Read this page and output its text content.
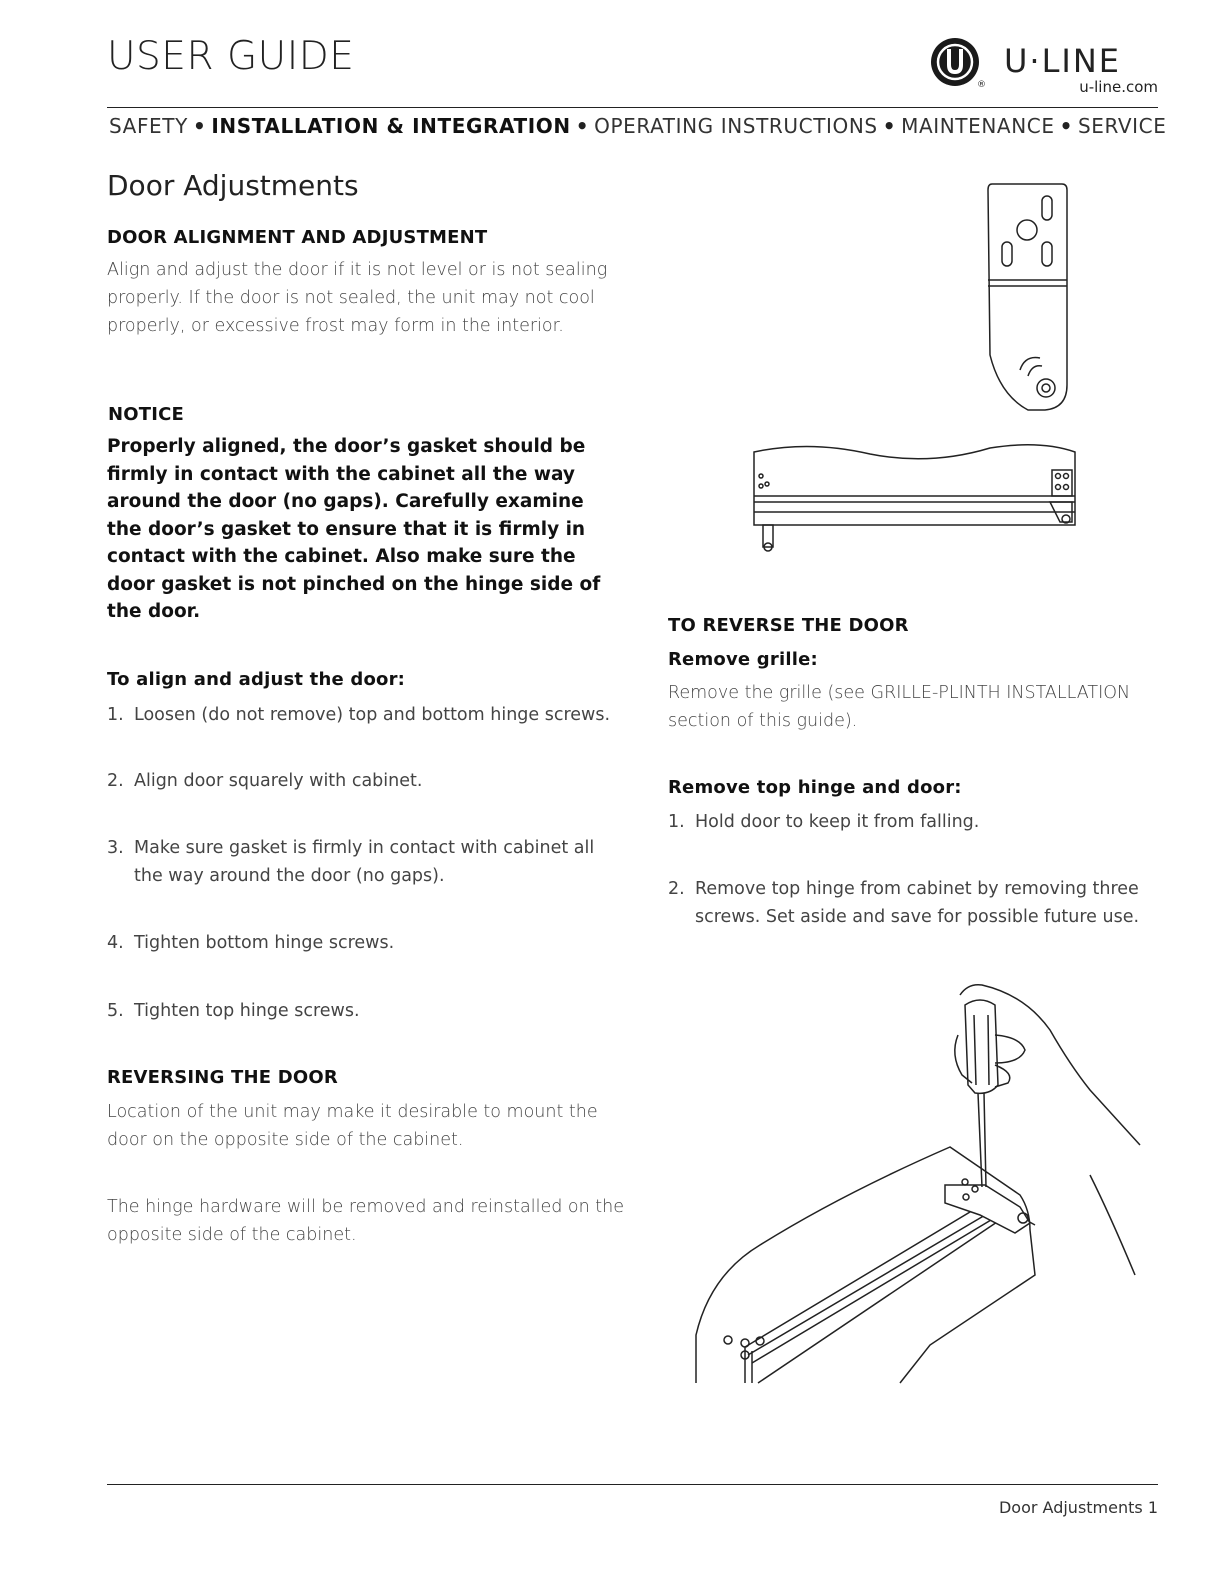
USER GUIDE
®
U·LINE
u-line.com
SAFETY • INSTALLATION & INTEGRATION • OPERATING INSTRUCTIONS • MAINTENANCE • SERVICE
Door Adjustments
DOOR ALIGNMENT AND ADJUSTMENT
Align and adjust the door if it is not level or is not sealing
properly. If the door is not sealed, the unit may not cool
properly, or excessive frost may form in the interior.
NOTICE
Properly aligned, the door’s gasket should be
firmly in contact with the cabinet all the way
around the door (no gaps). Carefully examine
the door’s gasket to ensure that it is firmly in
contact with the cabinet. Also make sure the
door gasket is not pinched on the hinge side of
the door.
To align and adjust the door:
1. Loosen (do not remove) top and bottom hinge screws.
2. Align door squarely with cabinet.
3. Make sure gasket is firmly in contact with cabinet all
the way around the door (no gaps).
4. Tighten bottom hinge screws.
5. Tighten top hinge screws.
REVERSING THE DOOR
Location of the unit may make it desirable to mount the
door on the opposite side of the cabinet.
The hinge hardware will be removed and reinstalled on the
opposite side of the cabinet.
TO REVERSE THE DOOR
Remove grille:
Remove the grille (see GRILLE-PLINTH INSTALLATION
section of this guide).
Remove top hinge and door:
1. Hold door to keep it from falling.
2. Remove top hinge from cabinet by removing three
screws. Set aside and save for possible future use.
Door Adjustments 1
